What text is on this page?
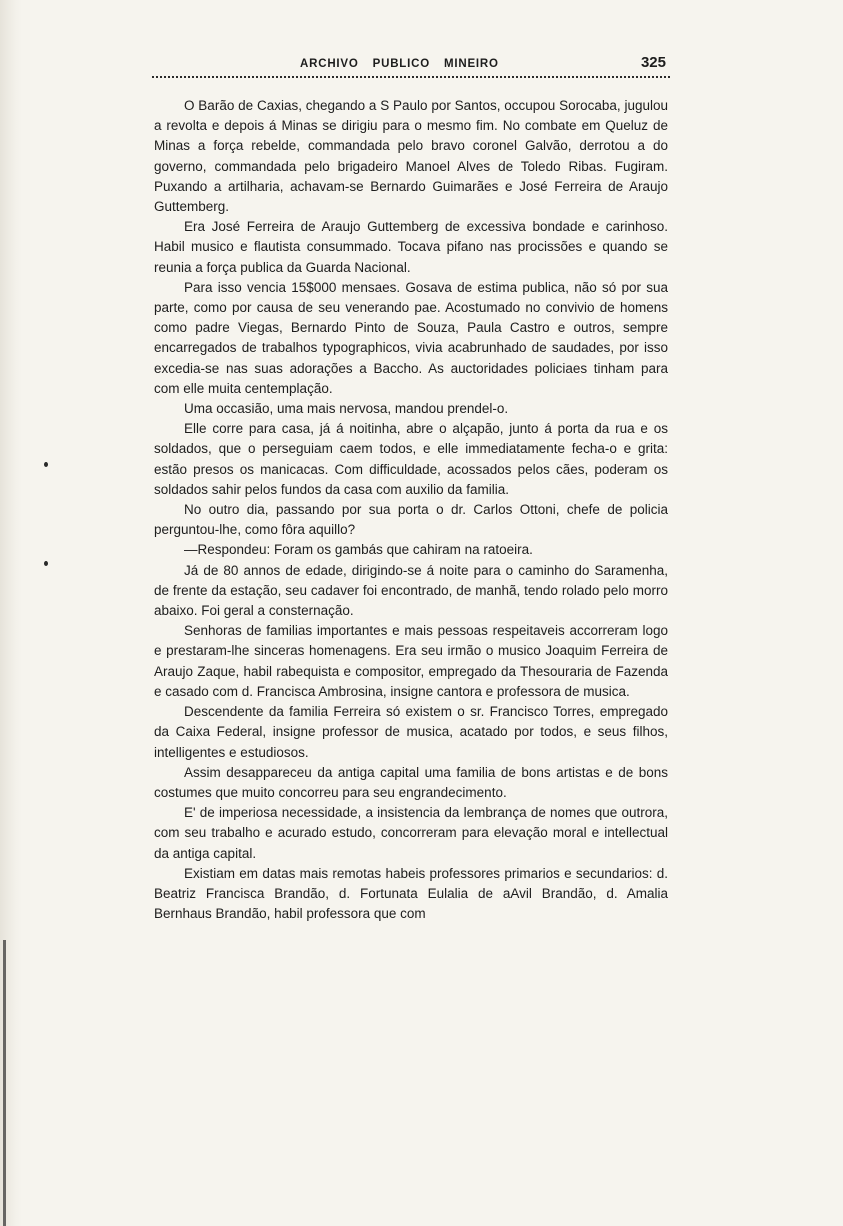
ARCHIVO PUBLICO MINEIRO	325

O Barão de Caxias, chegando a S Paulo por Santos, occupou Sorocaba, jugulou a revolta e depois á Minas se dirigiu para o mesmo fim. No combate em Queluz de Minas a força rebelde, commandada pelo bravo coronel Galvão, derrotou a do governo, commandada pelo brigadeiro Manoel Alves de Toledo Ribas. Fugiram. Puxando a artilharia, achavam-se Bernardo Guimarães e José Ferreira de Araujo Guttemberg.

Era José Ferreira de Araujo Guttemberg de excessiva bondade e carinhoso. Habil musico e flautista consummado. Tocava pifano nas procissões e quando se reunia a força publica da Guarda Nacional.

Para isso vencia 15$000 mensaes. Gosava de estima publica, não só por sua parte, como por causa de seu venerando pae. Acostumado no convivio de homens como padre Viegas, Bernardo Pinto de Souza, Paula Castro e outros, sempre encarregados de trabalhos typographicos, vivia acabrunhado de saudades, por isso excedia-se nas suas adorações a Baccho. As auctoridades policiaes tinham para com elle muita centemplação.

Uma occasião, uma mais nervosa, mandou prendel-o.

Elle corre para casa, já á noitinha, abre o alçapão, junto á porta da rua e os soldados, que o perseguiam caem todos, e elle immediatamente fecha-o e grita: estão presos os manicacas. Com difficuldade, acossados pelos cães, poderam os soldados sahir pelos fundos da casa com auxilio da familia.

No outro dia, passando por sua porta o dr. Carlos Ottoni, chefe de policia perguntou-lhe, como fôra aquillo?

—Respondeu: Foram os gambás que cahiram na ratoeira.

Já de 80 annos de edade, dirigindo-se á noite para o caminho do Saramenha, de frente da estação, seu cadaver foi encontrado, de manhã, tendo rolado pelo morro abaixo. Foi geral a consternação.

Senhoras de familias importantes e mais pessoas respeitaveis accorreram logo e prestaram-lhe sinceras homenagens. Era seu irmão o musico Joaquim Ferreira de Araujo Zaque, habil rabequista e compositor, empregado da Thesouraria de Fazenda e casado com d. Francisca Ambrosina, insigne cantora e professora de musica.

Descendente da familia Ferreira só existem o sr. Francisco Torres, empregado da Caixa Federal, insigne professor de musica, acatado por todos, e seus filhos, intelligentes e estudiosos.

Assim desappareceu da antiga capital uma familia de bons artistas e de bons costumes que muito concorreu para seu engrandecimento.

E' de imperiosa necessidade, a insistencia da lembrança de nomes que outrora, com seu trabalho e acurado estudo, concorreram para elevação moral e intellectual da antiga capital.

Existiam em datas mais remotas habeis professores primarios e secundarios: d. Beatriz Francisca Brandão, d. Fortunata Eulalia de aAvil Brandão, d. Amalia Bernhaus Brandão, habil professora que com
